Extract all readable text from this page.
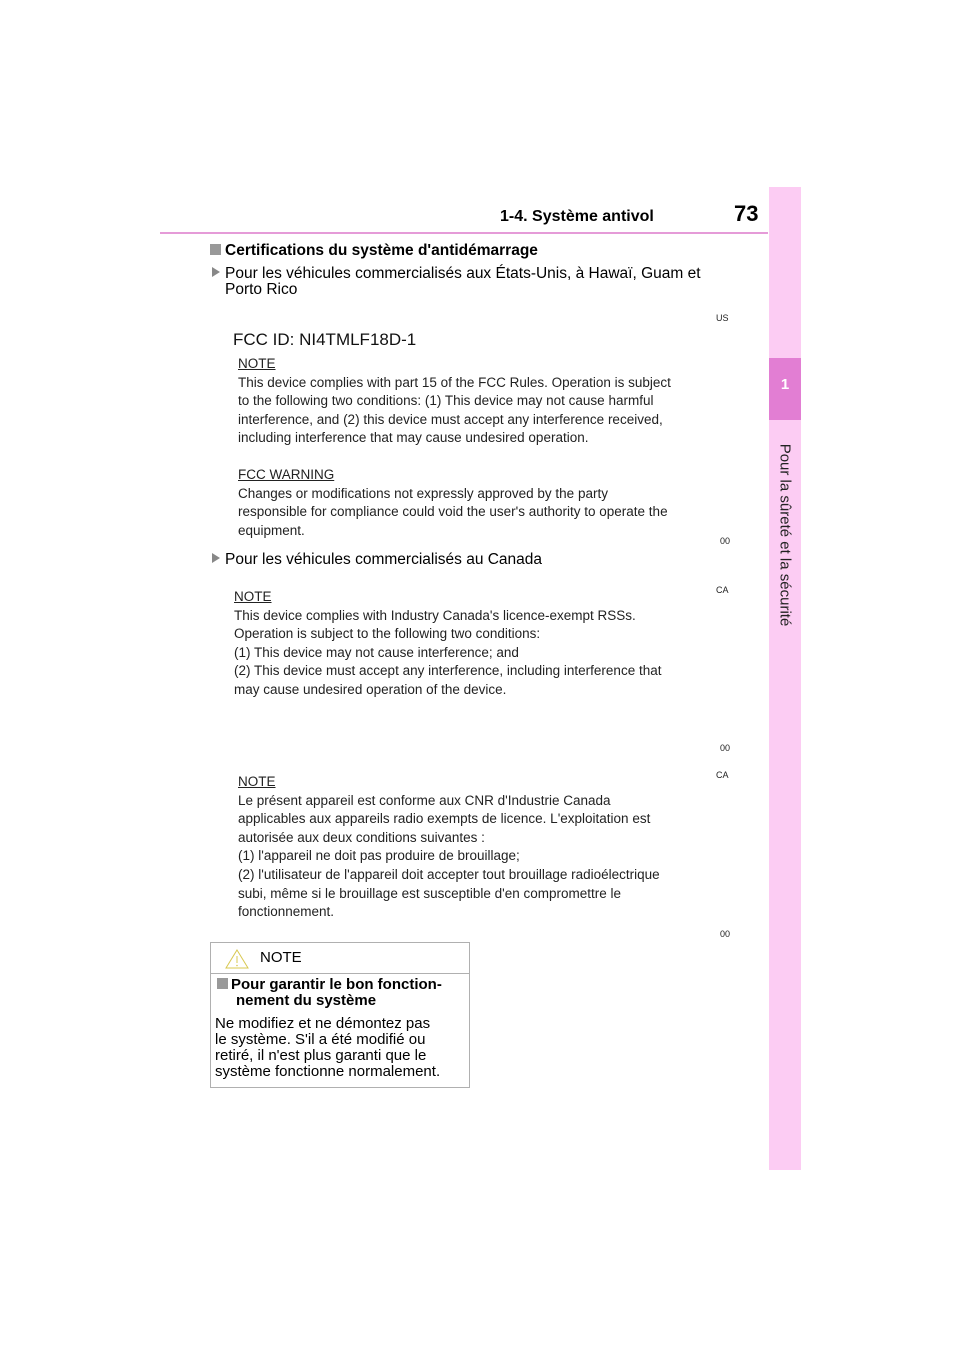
1-4. Système antivol	73
1
Pour la sûreté et la sécurité
Certifications du système d'antidémarrage
Pour les véhicules commercialisés aux États-Unis, à Hawaï, Guam et
Porto Rico
US
FCC ID: NI4TMLF18D-1

NOTE

This device complies with part 15 of the FCC Rules. Operation is subject

to the following two conditions: (1) This device may not cause harmful

interference, and (2) this device must accept any interference received,

including interference that may cause undesired operation.

FCC WARNING

Changes or modifications not expressly approved by the party

responsible for compliance could void the user's authority to operate the

equipment.

00
Pour les véhicules commercialisés au Canada
CA

NOTE

This device complies with Industry Canada's licence-exempt RSSs.

Operation is subject to the following two conditions:

(1) This device may not cause interference; and

(2) This device must accept any interference, including interference that

may cause undesired operation of the device.

00
CA

NOTE

Le présent appareil est conforme aux CNR d'Industrie Canada

applicables aux appareils radio exempts de licence. L'exploitation est

autorisée aux deux conditions suivantes :

(1) l'appareil ne doit pas produire de brouillage;

(2) l'utilisateur de l'appareil doit accepter tout brouillage radioélectrique

subi, même si le brouillage est susceptible d'en compromettre le

fonctionnement.

00
NOTE
Pour garantir le bon fonction-
nement du système
Ne modifiez et ne démontez pas
le système. S'il a été modifié ou
retiré, il n'est plus garanti que le
système fonctionne normalement.
